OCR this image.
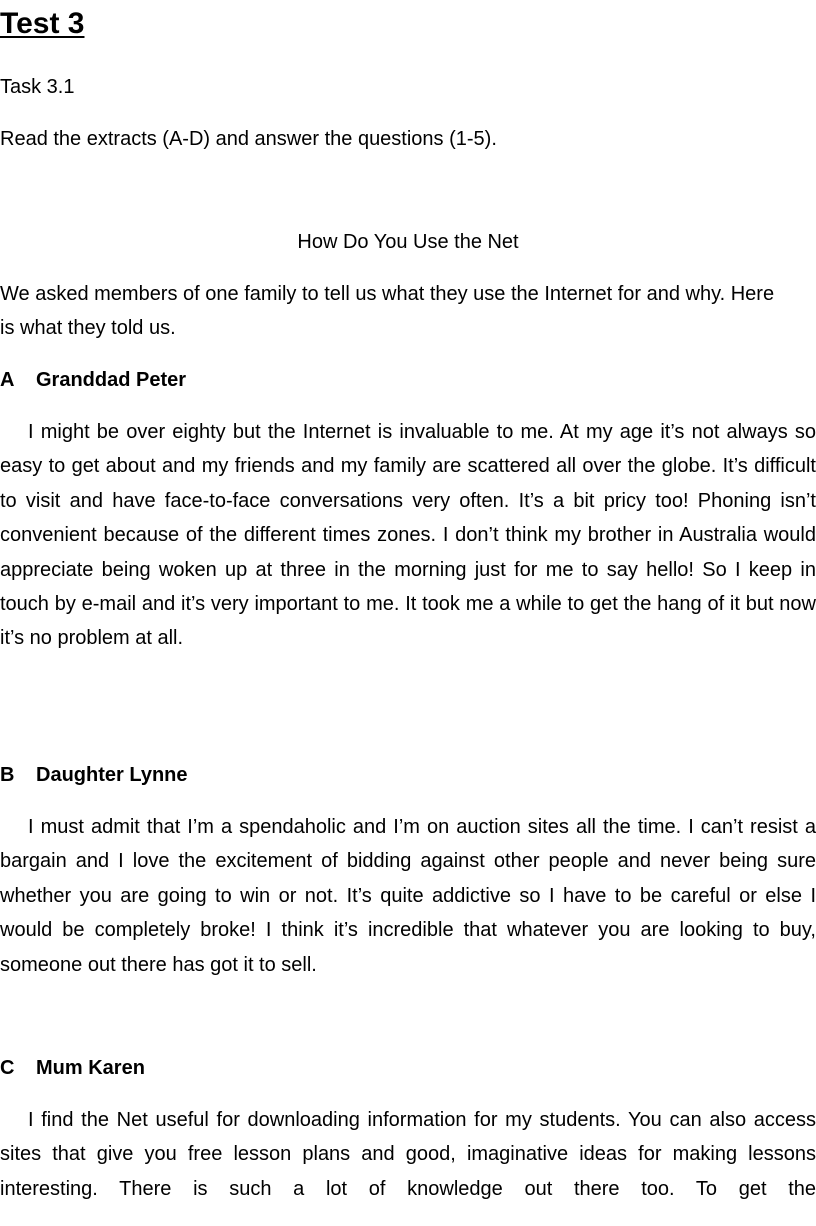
Test 3

Task 3.1

Read the extracts (A-D) and answer the questions (1-5).

How Do You Use the Net

We asked members of one family to tell us what they use the Internet for and why. Here is what they told us.

A Granddad Peter

I might be over eighty but the Internet is invaluable to me. At my age it’s not always so easy to get about and my friends and my family are scattered all over the globe. It’s difficult to visit and have face-to-face conversations very often. It’s a bit pricy too! Phoning isn’t convenient because of the different times zones. I don’t think my brother in Australia would appreciate being woken up at three in the morning just for me to say hello! So I keep in touch by e-mail and it’s very important to me. It took me a while to get the hang of it but now it’s no problem at all.

B Daughter Lynne

I must admit that I’m a spendaholic and I’m on auction sites all the time. I can’t resist a bargain and I love the excitement of bidding against other people and never being sure whether you are going to win or not. It’s quite addictive so I have to be careful or else I would be completely broke! I think it’s incredible that whatever you are looking to buy, someone out there has got it to sell.

C Mum Karen

I find the Net useful for downloading information for my students. You can also access sites that give you free lesson plans and good, imaginative ideas for making lessons interesting. There is such a lot of knowledge out there too. To get the
